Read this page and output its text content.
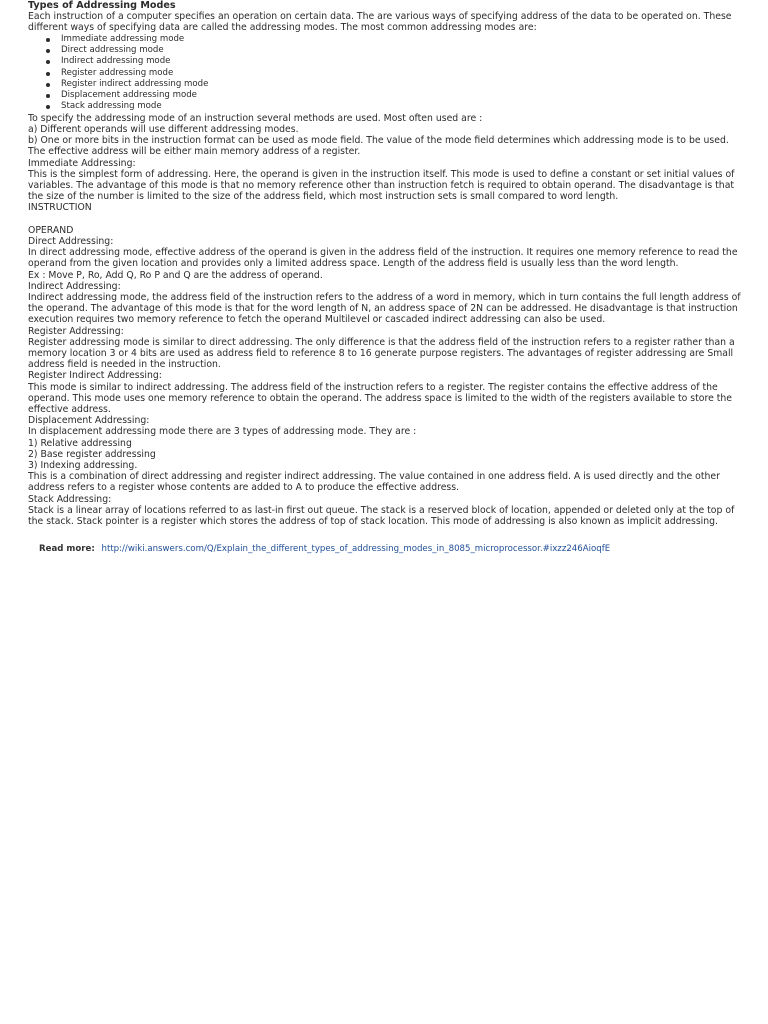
Types of Addressing Modes

Each instruction of a computer specifies an operation on certain data. The are various ways of specifying address of the data to be operated on. These different ways of specifying data are called the addressing modes. The most common addressing modes are:

Immediate addressing mode
Direct addressing mode
Indirect addressing mode
Register addressing mode
Register indirect addressing mode
Displacement addressing mode
Stack addressing mode

To specify the addressing mode of an instruction several methods are used. Most often used are :

a) Different operands will use different addressing modes.

b) One or more bits in the instruction format can be used as mode field. The value of the mode field determines which addressing mode is to be used.

The effective address will be either main memory address of a register.

Immediate Addressing:

This is the simplest form of addressing. Here, the operand is given in the instruction itself. This mode is used to define a constant or set initial values of variables. The advantage of this mode is that no memory reference other than instruction fetch is required to obtain operand. The disadvantage is that the size of the number is limited to the size of the address field, which most instruction sets is small compared to word length.

INSTRUCTION

OPERAND

Direct Addressing:

In direct addressing mode, effective address of the operand is given in the address field of the instruction. It requires one memory reference to read the operand from the given location and provides only a limited address space. Length of the address field is usually less than the word length.

Ex : Move P, Ro, Add Q, Ro P and Q are the address of operand.

Indirect Addressing:

Indirect addressing mode, the address field of the instruction refers to the address of a word in memory, which in turn contains the full length address of the operand. The advantage of this mode is that for the word length of N, an address space of 2N can be addressed. He disadvantage is that instruction execution requires two memory reference to fetch the operand Multilevel or cascaded indirect addressing can also be used.

Register Addressing:

Register addressing mode is similar to direct addressing. The only difference is that the address field of the instruction refers to a register rather than a memory location 3 or 4 bits are used as address field to reference 8 to 16 generate purpose registers. The advantages of register addressing are Small address field is needed in the instruction.

Register Indirect Addressing:

This mode is similar to indirect addressing. The address field of the instruction refers to a register. The register contains the effective address of the operand. This mode uses one memory reference to obtain the operand. The address space is limited to the width of the registers available to store the effective address.

Displacement Addressing:

In displacement addressing mode there are 3 types of addressing mode. They are :

1) Relative addressing

2) Base register addressing

3) Indexing addressing.

This is a combination of direct addressing and register indirect addressing. The value contained in one address field. A is used directly and the other address refers to a register whose contents are added to A to produce the effective address.

Stack Addressing:

Stack is a linear array of locations referred to as last-in first out queue. The stack is a reserved block of location, appended or deleted only at the top of the stack. Stack pointer is a register which stores the address of top of stack location. This mode of addressing is also known as implicit addressing.

Read more: http://wiki.answers.com/Q/Explain_the_different_types_of_addressing_modes_in_8085_microprocessor.#ixzz246AioqfE
